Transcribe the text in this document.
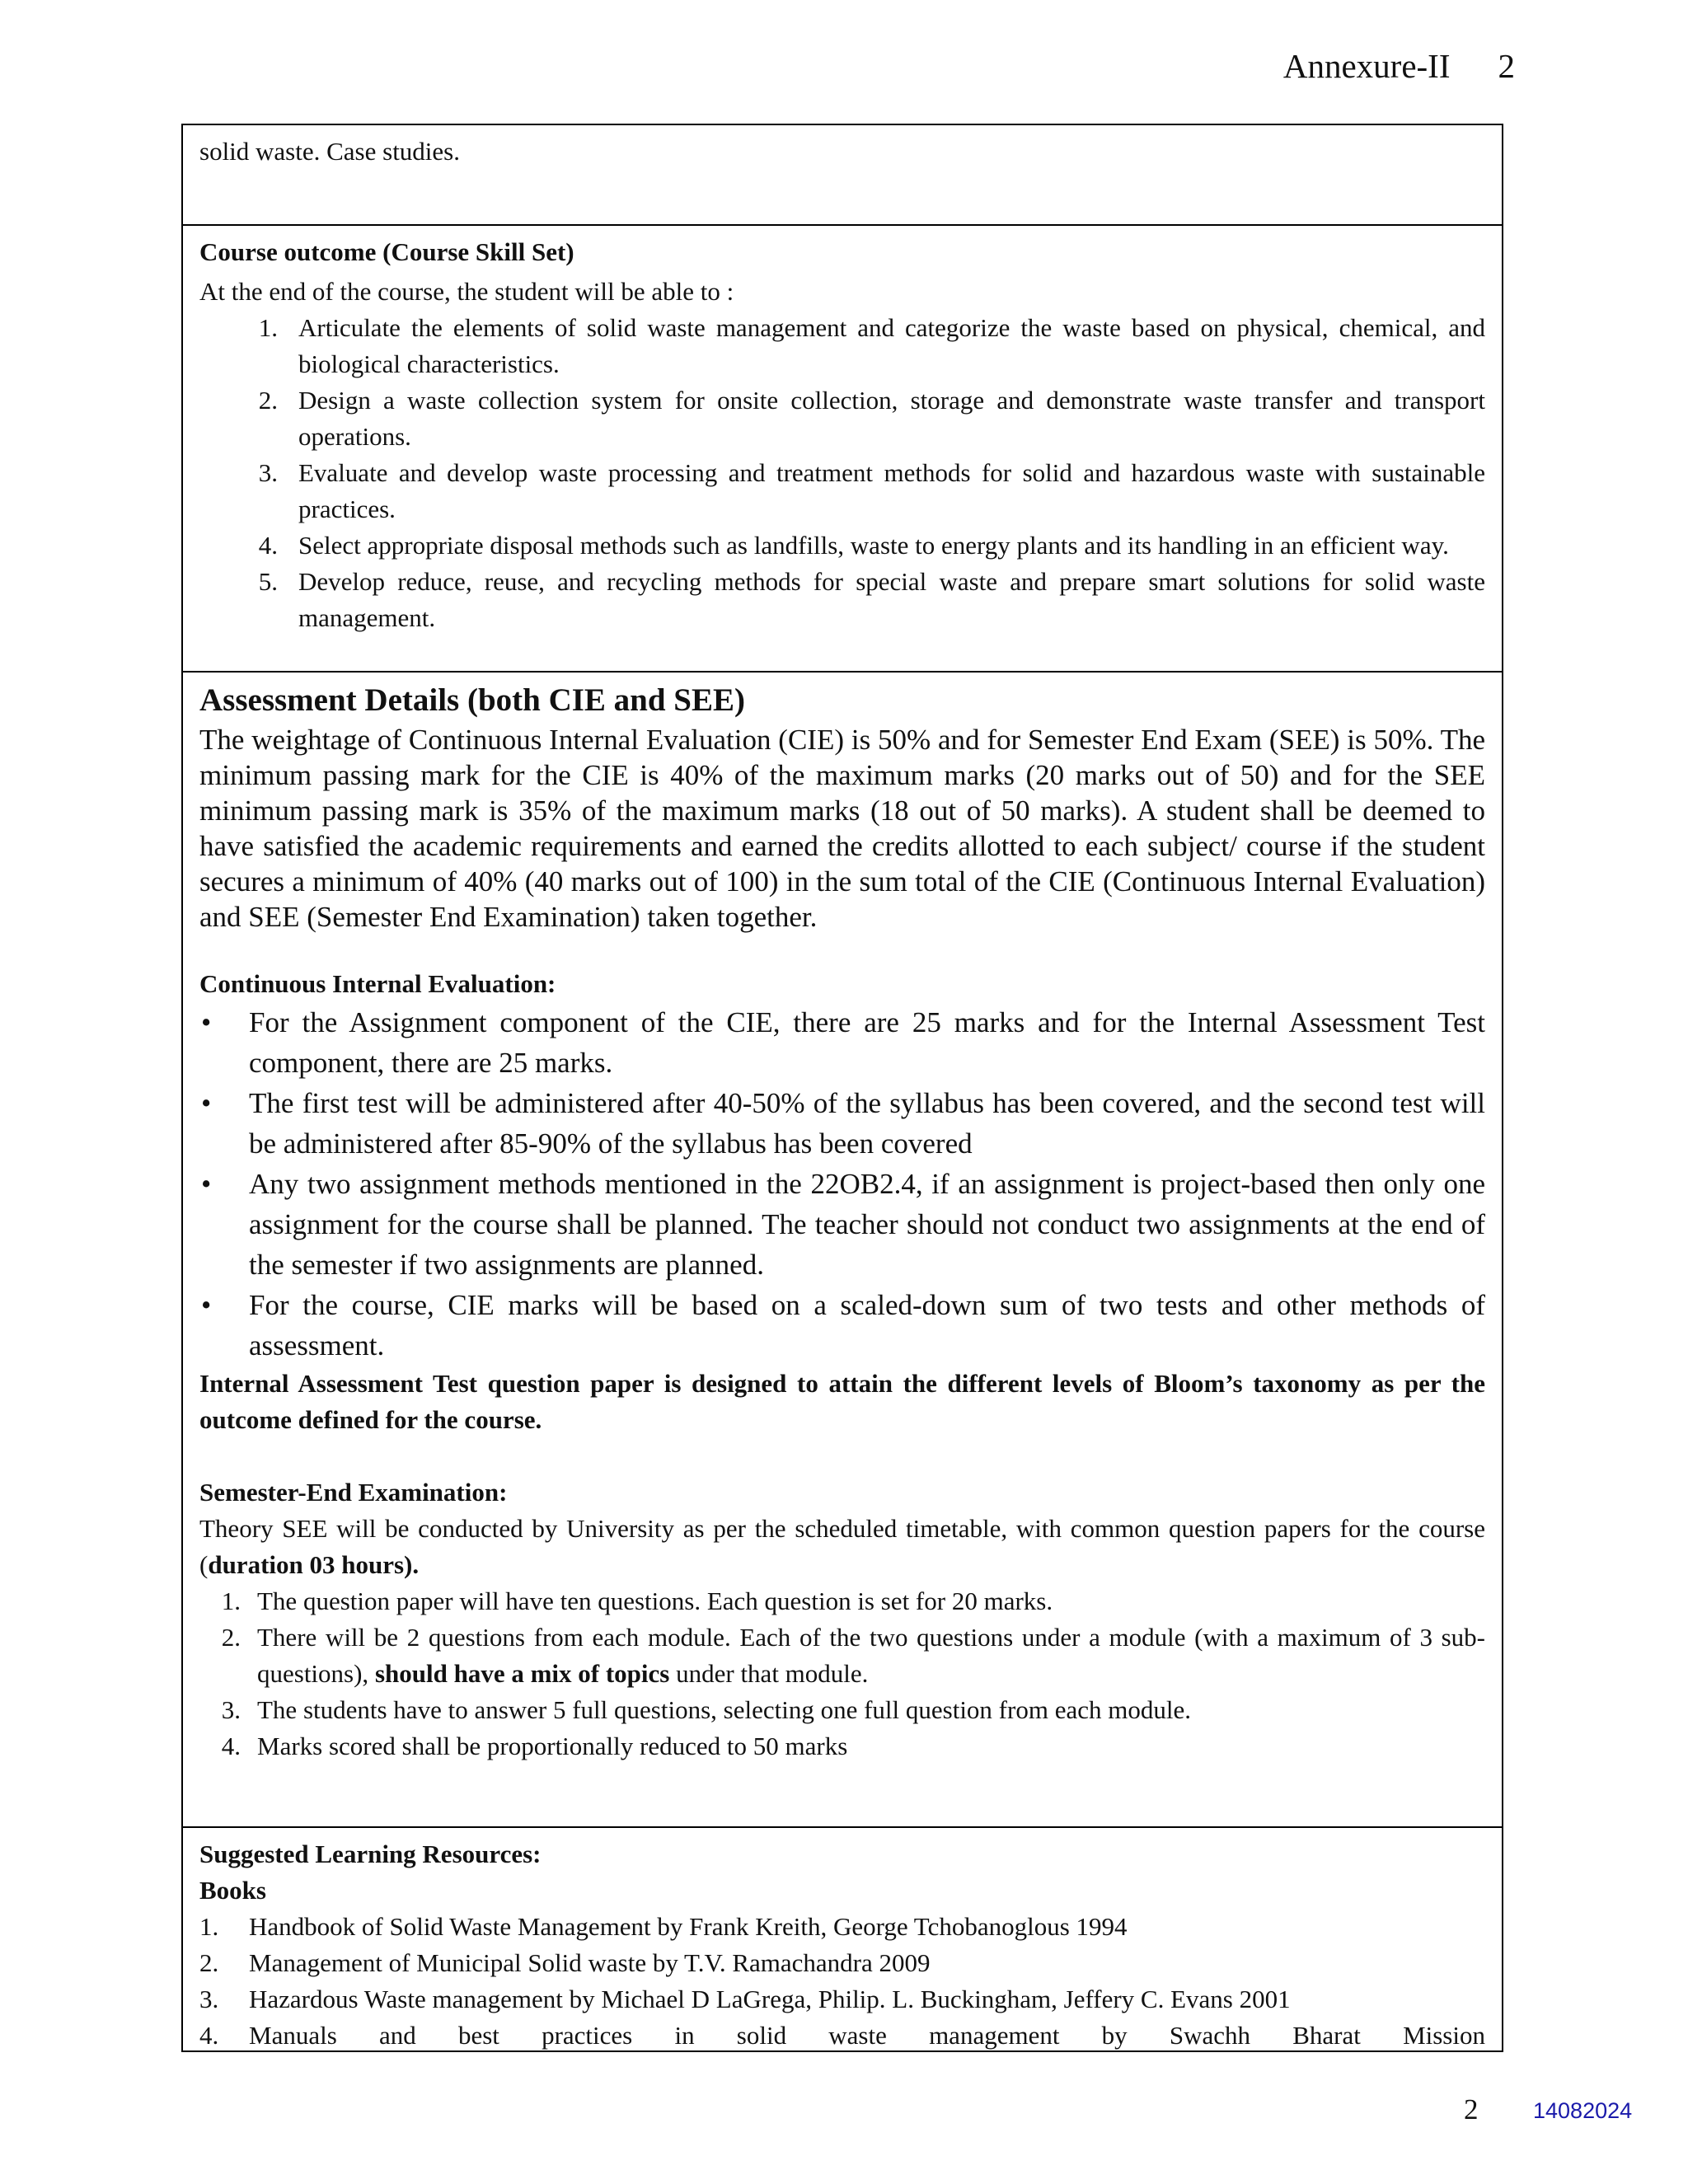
Annexure-II 2

solid waste. Case studies.

Course outcome (Course Skill Set)

At the end of the course, the student will be able to :

1. Articulate the elements of solid waste management and categorize the waste based on physical, chemical, and biological characteristics.
2. Design a waste collection system for onsite collection, storage and demonstrate waste transfer and transport operations.
3. Evaluate and develop waste processing and treatment methods for solid and hazardous waste with sustainable practices.
4. Select appropriate disposal methods such as landfills, waste to energy plants and its handling in an efficient way.
5. Develop reduce, reuse, and recycling methods for special waste and prepare smart solutions for solid waste management.

Assessment Details (both CIE and SEE)

The weightage of Continuous Internal Evaluation (CIE) is 50% and for Semester End Exam (SEE) is 50%. The minimum passing mark for the CIE is 40% of the maximum marks (20 marks out of 50) and for the SEE minimum passing mark is 35% of the maximum marks (18 out of 50 marks). A student shall be deemed to have satisfied the academic requirements and earned the credits allotted to each subject/ course if the student secures a minimum of 40% (40 marks out of 100) in the sum total of the CIE (Continuous Internal Evaluation) and SEE (Semester End Examination) taken together.

Continuous Internal Evaluation:

• For the Assignment component of the CIE, there are 25 marks and for the Internal Assessment Test component, there are 25 marks.
• The first test will be administered after 40-50% of the syllabus has been covered, and the second test will be administered after 85-90% of the syllabus has been covered
• Any two assignment methods mentioned in the 22OB2.4, if an assignment is project-based then only one assignment for the course shall be planned. The teacher should not conduct two assignments at the end of the semester if two assignments are planned.
• For the course, CIE marks will be based on a scaled-down sum of two tests and other methods of assessment.

Internal Assessment Test question paper is designed to attain the different levels of Bloom’s taxonomy as per the outcome defined for the course.

Semester-End Examination:

Theory SEE will be conducted by University as per the scheduled timetable, with common question papers for the course (duration 03 hours).

1. The question paper will have ten questions. Each question is set for 20 marks.
2. There will be 2 questions from each module. Each of the two questions under a module (with a maximum of 3 sub-questions), should have a mix of topics under that module.
3. The students have to answer 5 full questions, selecting one full question from each module.
4. Marks scored shall be proportionally reduced to 50 marks

Suggested Learning Resources:

Books

1. Handbook of Solid Waste Management by Frank Kreith, George Tchobanoglous 1994
2. Management of Municipal Solid waste by T.V. Ramachandra 2009
3. Hazardous Waste management by Michael D LaGrega, Philip. L. Buckingham, Jeffery C. Evans 2001
4. Manuals and best practices in solid waste management by Swachh Bharat Mission
2 14082024
